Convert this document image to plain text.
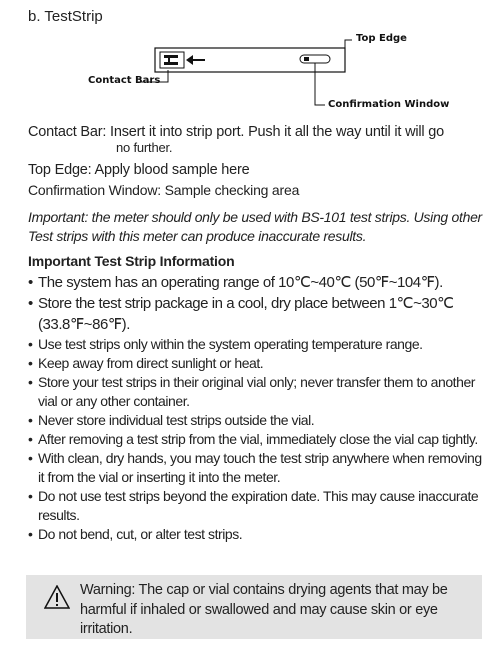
b. TestStrip
Top Edge
Contact Bars
Confirmation Window
Contact Bar: Insert it into strip port. Push it all the way until it will go
no further.
Top Edge: Apply blood sample here
Confirmation Window: Sample checking area
Important: the meter should only be used with BS-101 test strips. Using other Test strips with this meter can produce inaccurate results.
Important Test Strip Information
• The system has an operating range of 10℃~40℃ (50℉~104℉).
• Store the test strip package in a cool, dry place between 1℃~30℃ (33.8℉~86℉).
• Use test strips only within the system operating temperature range.
• Keep away from direct sunlight or heat.
• Store your test strips in their original vial only; never transfer them to another vial or any other container.
• Never store individual test strips outside the vial.
• After removing a test strip from the vial, immediately close the vial cap tightly.
• With clean, dry hands, you may touch the test strip anywhere when removing it from the vial or inserting it into the meter.
• Do not use test strips beyond the expiration date. This may cause inaccurate results.
• Do not bend, cut, or alter test strips.
Warning: The cap or vial contains drying agents that may be harmful if inhaled or swallowed and may cause skin or eye irritation.
